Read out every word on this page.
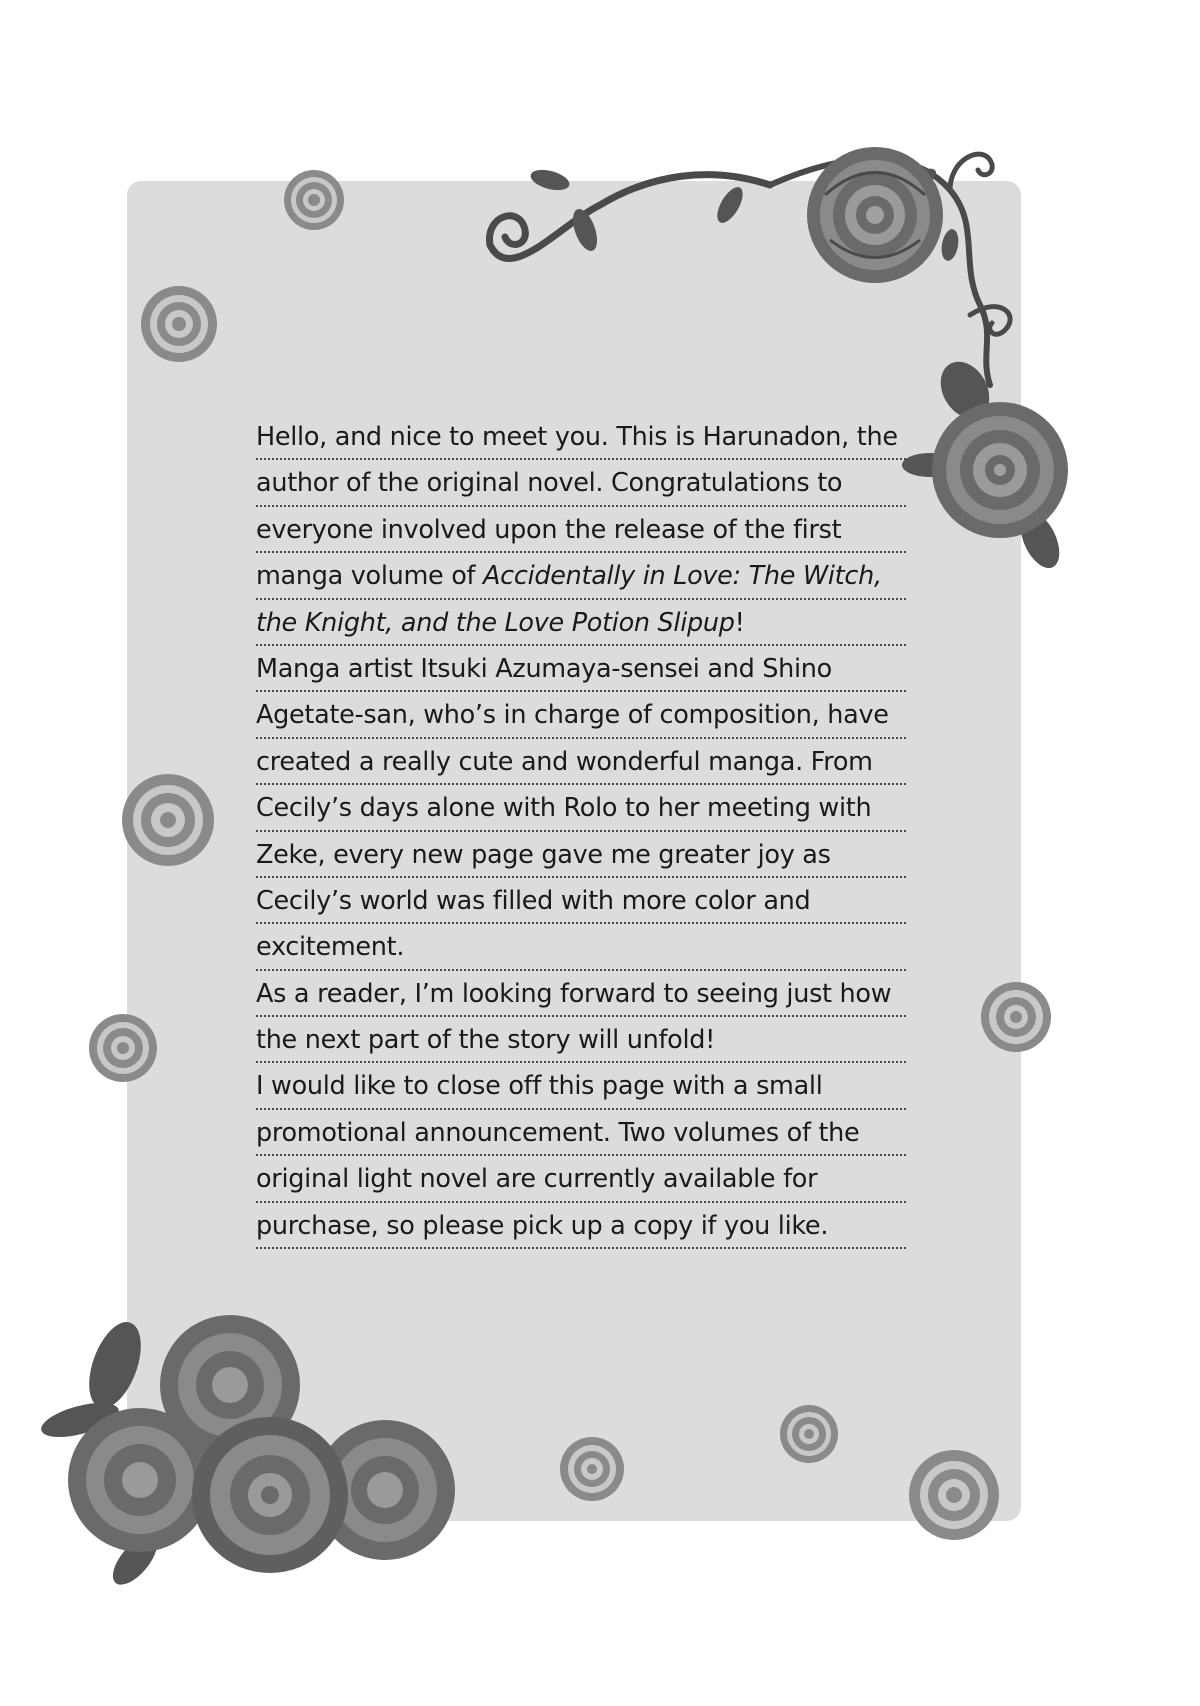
Hello, and nice to meet you. This is Harunadon, the
author of the original novel. Congratulations to
everyone involved upon the release of the first
manga volume of Accidentally in Love: The Witch,
the Knight, and the Love Potion Slipup!
Manga artist Itsuki Azumaya-sensei and Shino
Agetate-san, who’s in charge of composition, have
created a really cute and wonderful manga. From
Cecily’s days alone with Rolo to her meeting with
Zeke, every new page gave me greater joy as
Cecily’s world was filled with more color and
excitement.
As a reader, I’m looking forward to seeing just how
the next part of the story will unfold!
I would like to close off this page with a small
promotional announcement. Two volumes of the
original light novel are currently available for
purchase, so please pick up a copy if you like.
